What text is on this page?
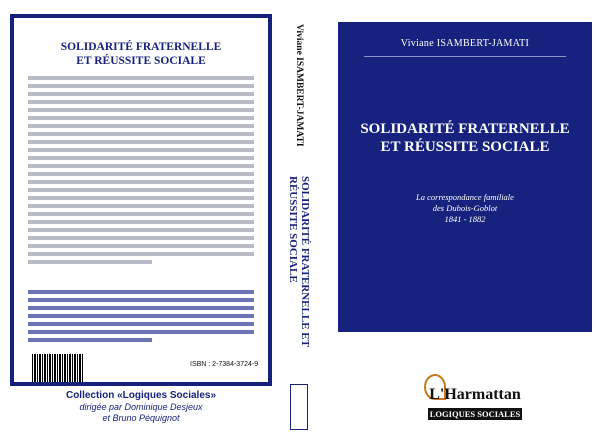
SOLIDARITÉ FRATERNELLE
ET RÉUSSITE SOCIALE
ISBN : 2-7384-3724-9
Collection «Logiques Sociales»
dirigée par Dominique Desjeux
et Bruno Péquignot
Viviane ISAMBERT-JAMATI
SOLIDARITÉ FRATERNELLE ET RÉUSSITE SOCIALE
Viviane ISAMBERT-JAMATI
SOLIDARITÉ FRATERNELLE
ET RÉUSSITE SOCIALE
La correspondance familiale
des Dubois-Goblot
1841 - 1882
L'Harmattan
LOGIQUES SOCIALES
